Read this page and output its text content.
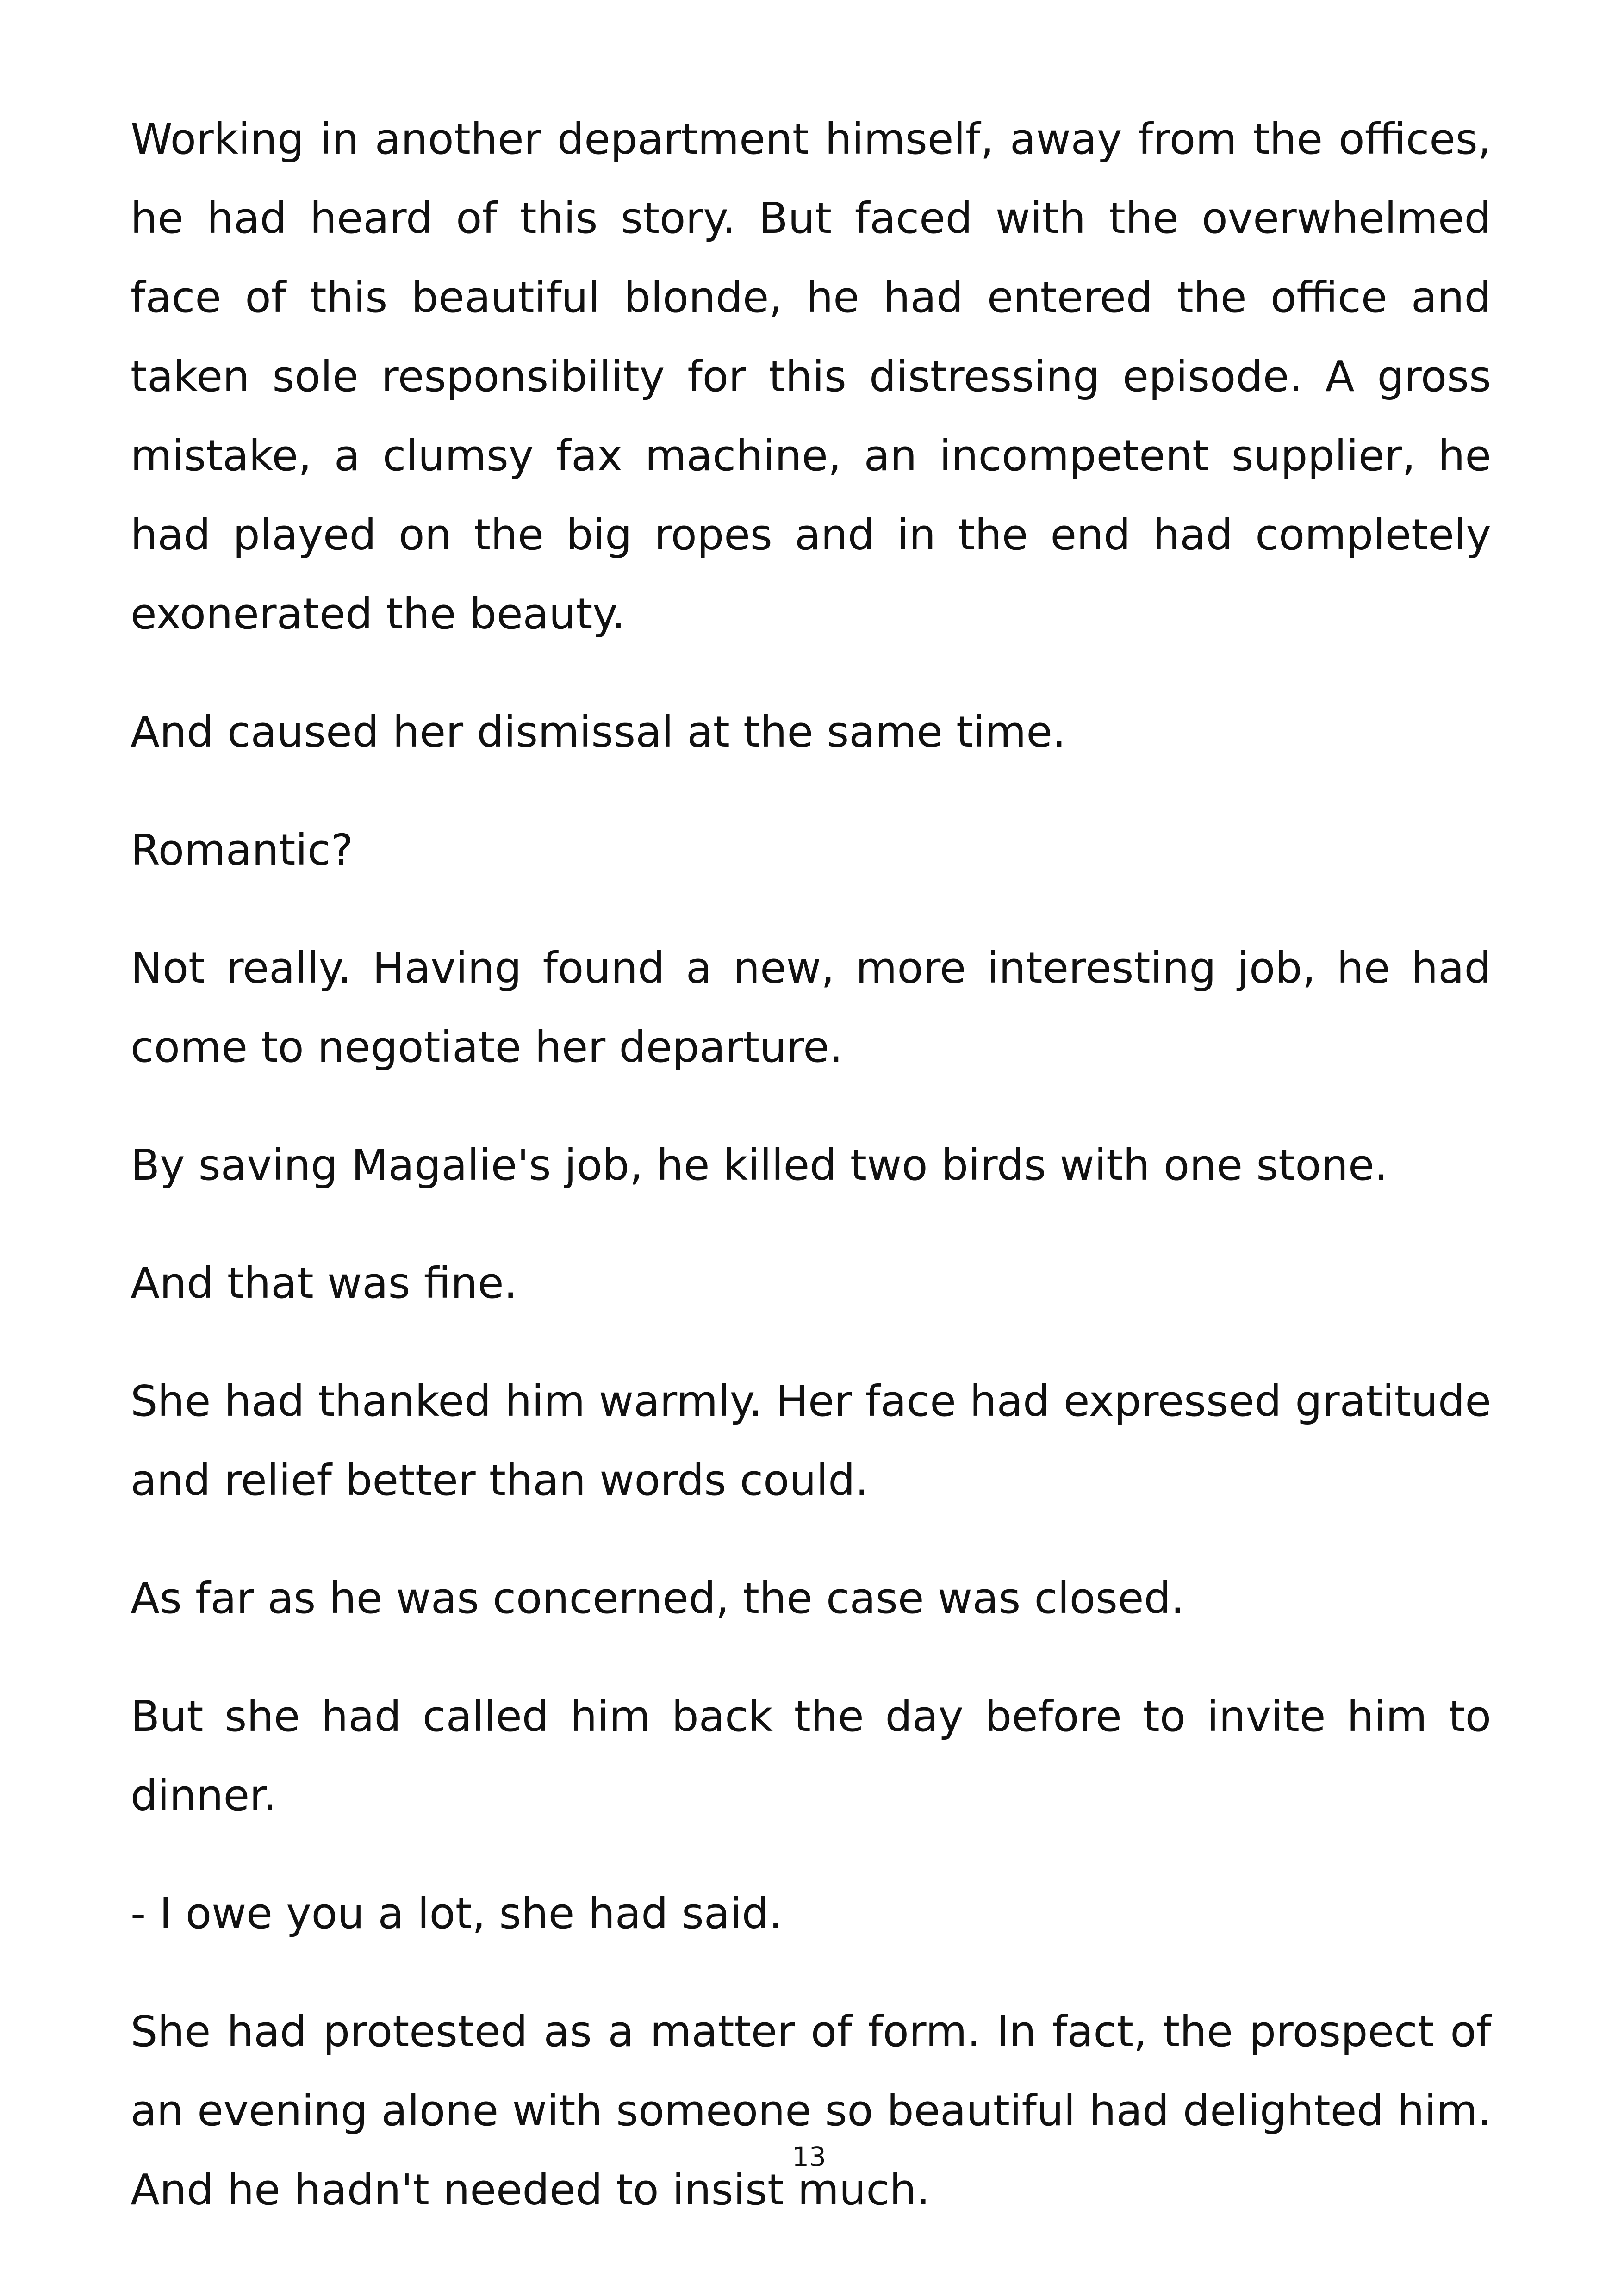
Working in another department himself, away from the offices, he had heard of this story. But faced with the overwhelmed face of this beautiful blonde, he had entered the office and taken sole responsibility for this distressing episode. A gross mistake, a clumsy fax machine, an incompetent supplier, he had played on the big ropes and in the end had completely exonerated the beauty.

And caused her dismissal at the same time.

Romantic?

Not really. Having found a new, more interesting job, he had come to negotiate her departure.

By saving Magalie's job, he killed two birds with one stone.

And that was fine.

She had thanked him warmly. Her face had expressed gratitude and relief better than words could.

As far as he was concerned, the case was closed.

But she had called him back the day before to invite him to dinner.

- I owe you a lot, she had said.

She had protested as a matter of form. In fact, the prospect of an evening alone with someone so beautiful had delighted him. And he hadn't needed to insist much.

13
